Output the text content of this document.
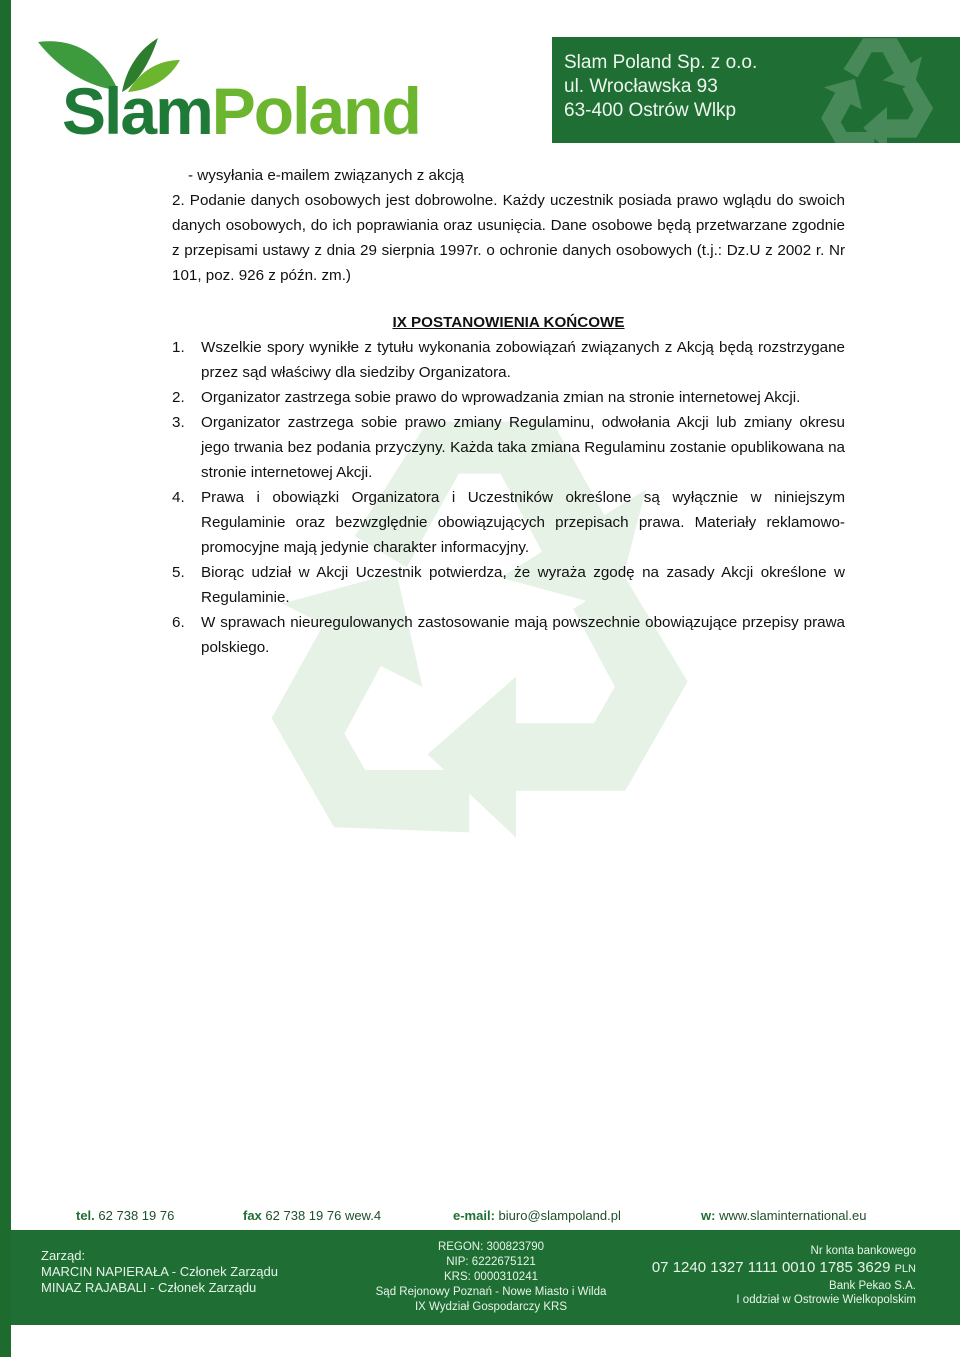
SlamPoland
Slam Poland Sp. z o.o.
ul. Wrocławska 93
63-400 Ostrów Wlkp
- wysyłania e-mailem związanych z akcją
2. Podanie danych osobowych jest dobrowolne. Każdy uczestnik posiada prawo wglądu do swoich danych osobowych, do ich poprawiania oraz usunięcia. Dane osobowe będą przetwarzane zgodnie z przepisami ustawy z dnia 29 sierpnia 1997r. o ochronie danych osobowych (t.j.: Dz.U z 2002 r. Nr 101, poz. 926 z późn. zm.)
IX POSTANOWIENIA KOŃCOWE
1.	Wszelkie spory wynikłe z tytułu wykonania zobowiązań związanych z Akcją będą rozstrzygane przez sąd właściwy dla siedziby Organizatora.
2.	Organizator zastrzega sobie prawo do wprowadzania zmian na stronie internetowej Akcji.
3.	Organizator zastrzega sobie prawo zmiany Regulaminu, odwołania Akcji lub zmiany okresu jego trwania bez podania przyczyny. Każda taka zmiana Regulaminu zostanie opublikowana na stronie internetowej Akcji.
4.	Prawa i obowiązki Organizatora i Uczestników określone są wyłącznie w niniejszym Regulaminie oraz bezwzględnie obowiązujących przepisach prawa. Materiały reklamowo-promocyjne mają jedynie charakter informacyjny.
5.	Biorąc udział w Akcji Uczestnik potwierdza, że wyraża zgodę na zasady Akcji określone w Regulaminie.
6.	W sprawach nieuregulowanych zastosowanie mają powszechnie obowiązujące przepisy prawa polskiego.
tel. 62 738 19 76	fax 62 738 19 76 wew.4	e-mail: biuro@slampoland.pl	w: www.slaminternational.eu
Zarząd:
MARCIN NAPIERAŁA - Członek Zarządu
MINAZ RAJABALI - Członek Zarządu
REGON: 300823790
NIP: 6222675121
KRS: 0000310241
Sąd Rejonowy Poznań - Nowe Miasto i Wilda
IX Wydział Gospodarczy KRS
Nr konta bankowego
07 1240 1327 1111 0010 1785 3629 PLN
Bank Pekao S.A.
I oddział w Ostrowie Wielkopolskim
